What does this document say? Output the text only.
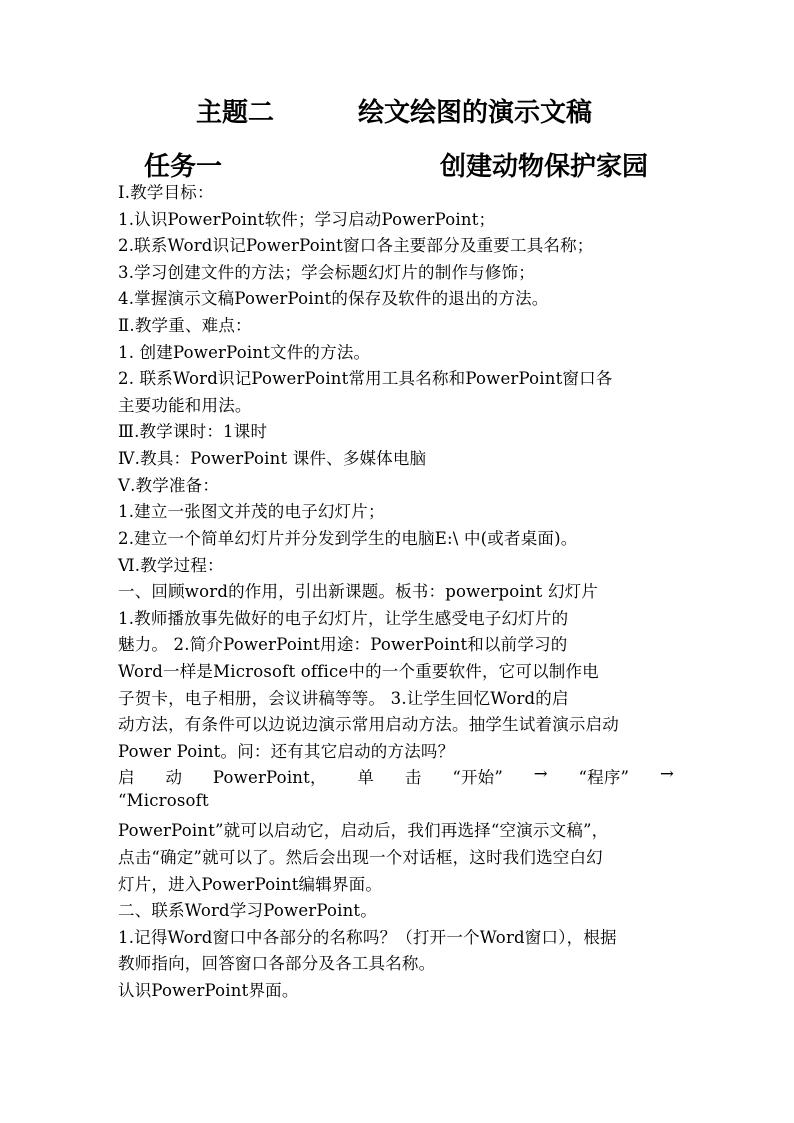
主题二	绘文绘图的演示文稿
任务一	创建动物保护家园
Ⅰ.教学目标：
1.认识PowerPoint软件；学习启动PowerPoint；
2.联系Word识记PowerPoint窗口各主要部分及重要工具名称；
3.学习创建文件的方法；学会标题幻灯片的制作与修饰；
4.掌握演示文稿PowerPoint的保存及软件的退出的方法。
Ⅱ.教学重、难点：
1. 创建PowerPoint文件的方法。
2. 联系Word识记PowerPoint常用工具名称和PowerPoint窗口各
主要功能和用法。
Ⅲ.教学课时：1课时
Ⅳ.教具：PowerPoint 课件、多媒体电脑
Ⅴ.教学准备：
1.建立一张图文并茂的电子幻灯片；
2.建立一个简单幻灯片并分发到学生的电脑E:\ 中(或者桌面)。
Ⅵ.教学过程：
一、回顾word的作用，引出新课题。板书：powerpoint 幻灯片
1.教师播放事先做好的电子幻灯片，让学生感受电子幻灯片的
魅力。 2.简介PowerPoint用途：PowerPoint和以前学习的
Word一样是Microsoft office中的一个重要软件，它可以制作电
子贺卡，电子相册，会议讲稿等等。 3.让学生回忆Word的启
动方法，有条件可以边说边演示常用启动方法。抽学生试着演示启动
Power Point。问：还有其它启动的方法吗？
启 动 PowerPoint， 单 击 “开始” → “程序” →
“Microsoft
PowerPoint”就可以启动它，启动后，我们再选择“空演示文稿”，
点击“确定”就可以了。然后会出现一个对话框，这时我们选空白幻
灯片，进入PowerPoint编辑界面。
二、联系Word学习PowerPoint。
1.记得Word窗口中各部分的名称吗？（打开一个Word窗口），根据
教师指向，回答窗口各部分及各工具名称。
认识PowerPoint界面。
